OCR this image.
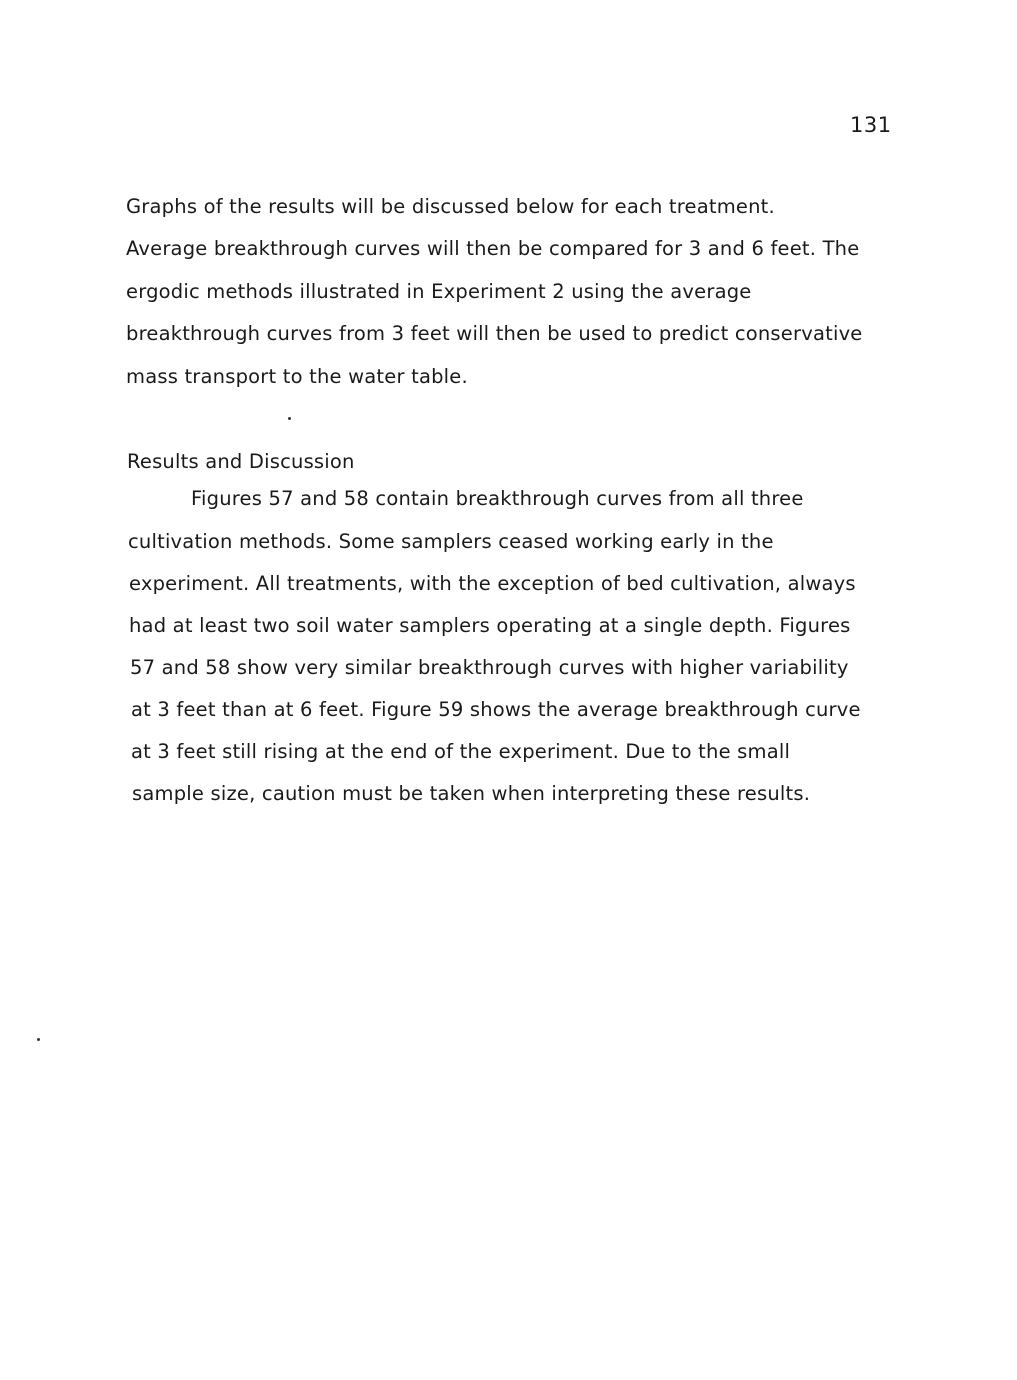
131
Graphs of the results will be discussed below for each treatment.
Average breakthrough curves will then be compared for 3 and 6 feet. The
ergodic methods illustrated in Experiment 2 using the average
breakthrough curves from 3 feet will then be used to predict conservative
mass transport to the water table.
Results and Discussion
Figures 57 and 58 contain breakthrough curves from all three
cultivation methods. Some samplers ceased working early in the
experiment. All treatments, with the exception of bed cultivation, always
had at least two soil water samplers operating at a single depth. Figures
57 and 58 show very similar breakthrough curves with higher variability
at 3 feet than at 6 feet. Figure 59 shows the average breakthrough curve
at 3 feet still rising at the end of the experiment. Due to the small
sample size, caution must be taken when interpreting these results.
